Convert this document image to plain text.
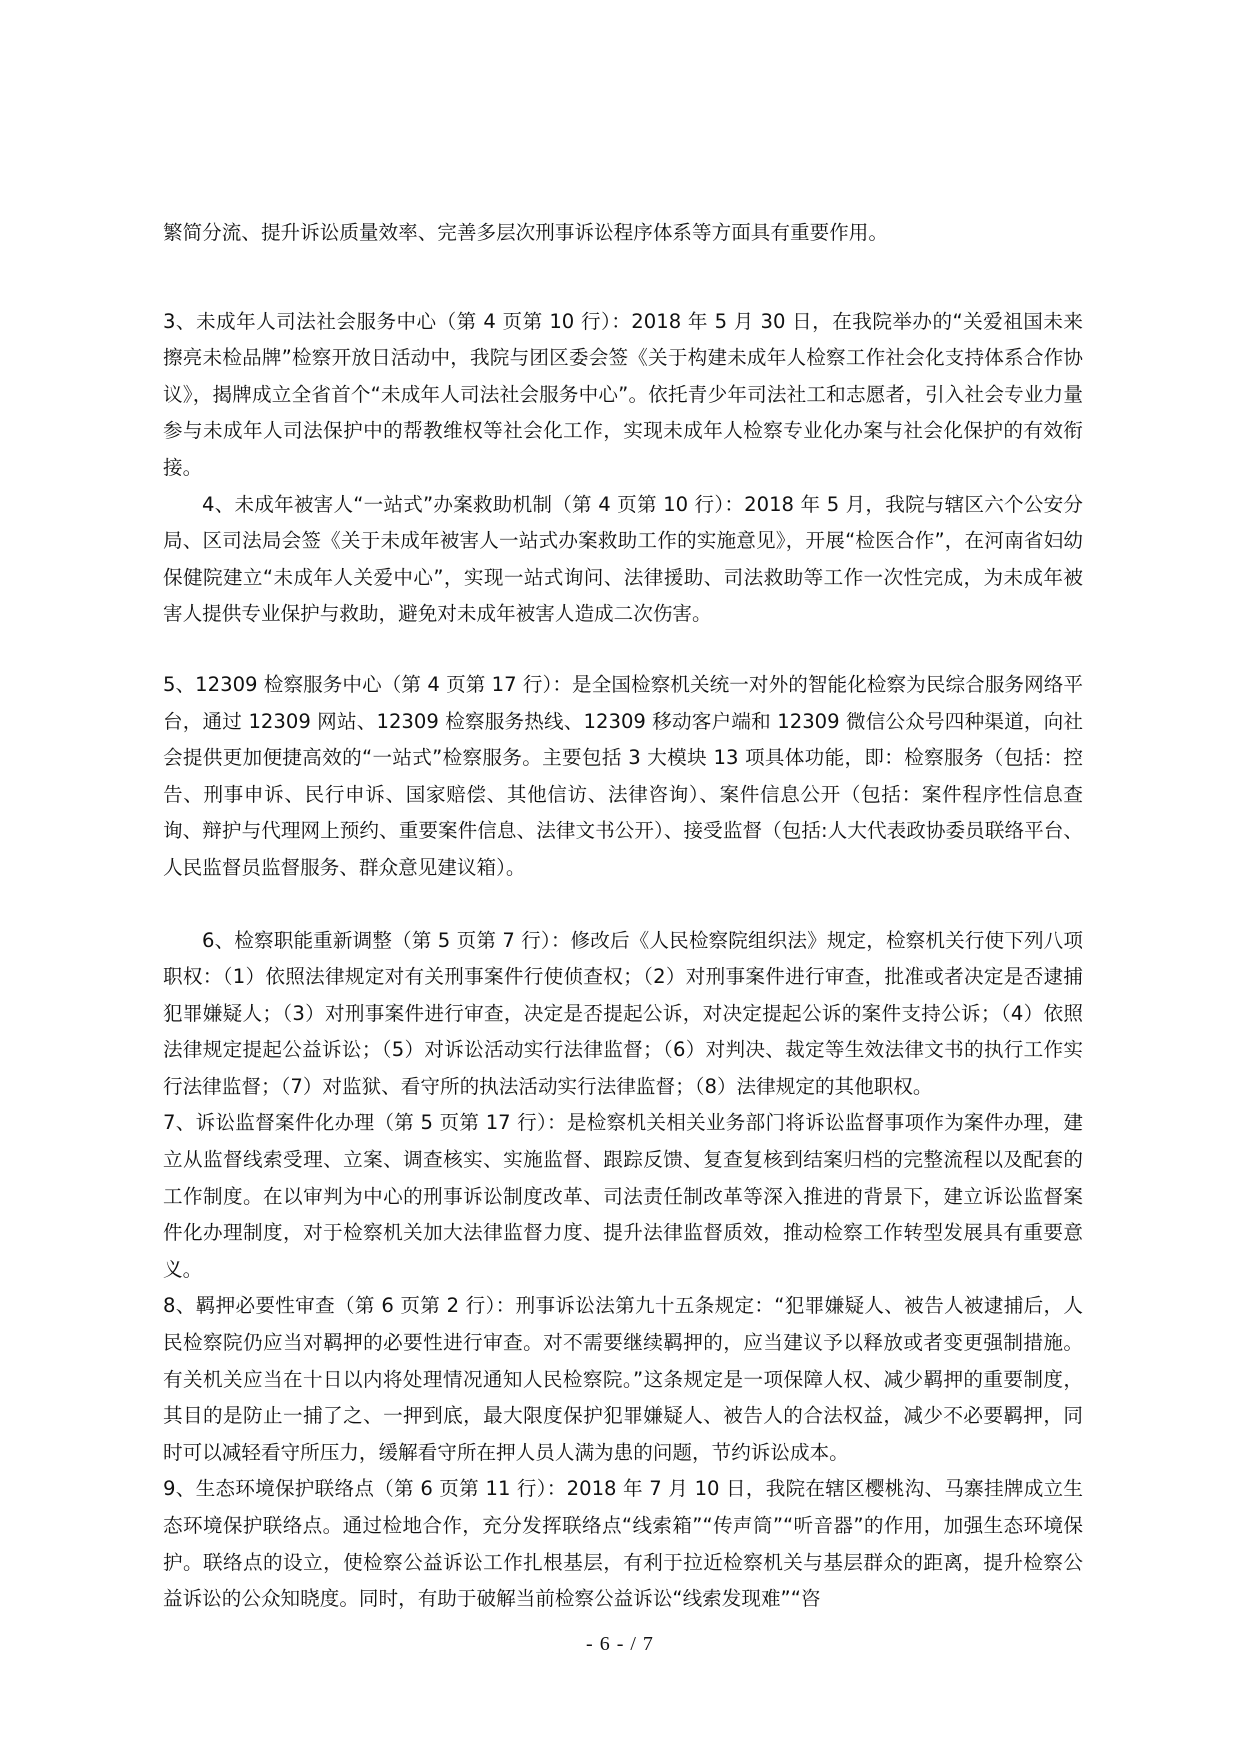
繁简分流、提升诉讼质量效率、完善多层次刑事诉讼程序体系等方面具有重要作用。

3、未成年人司法社会服务中心（第 4 页第 10 行）：2018 年 5 月 30 日，在我院举办的“关爱祖国未来 擦亮未检品牌”检察开放日活动中，我院与团区委会签《关于构建未成年人检察工作社会化支持体系合作协议》，揭牌成立全省首个“未成年人司法社会服务中心”。依托青少年司法社工和志愿者，引入社会专业力量参与未成年人司法保护中的帮教维权等社会化工作，实现未成年人检察专业化办案与社会化保护的有效衔接。

4、未成年被害人“一站式”办案救助机制（第 4 页第 10 行）：2018 年 5 月，我院与辖区六个公安分局、区司法局会签《关于未成年被害人一站式办案救助工作的实施意见》，开展“检医合作”，在河南省妇幼保健院建立“未成年人关爱中心”，实现一站式询问、法律援助、司法救助等工作一次性完成，为未成年被害人提供专业保护与救助，避免对未成年被害人造成二次伤害。

5、12309 检察服务中心（第 4 页第 17 行）：是全国检察机关统一对外的智能化检察为民综合服务网络平台，通过 12309 网站、12309 检察服务热线、12309 移动客户端和 12309 微信公众号四种渠道，向社会提供更加便捷高效的“一站式”检察服务。主要包括 3 大模块 13 项具体功能，即：检察服务（包括：控告、刑事申诉、民行申诉、国家赔偿、其他信访、法律咨询）、案件信息公开（包括：案件程序性信息查询、辩护与代理网上预约、重要案件信息、法律文书公开）、接受监督（包括:人大代表政协委员联络平台、人民监督员监督服务、群众意见建议箱）。

6、检察职能重新调整（第 5 页第 7 行）：修改后《人民检察院组织法》规定，检察机关行使下列八项职权：（1）依照法律规定对有关刑事案件行使侦查权；（2）对刑事案件进行审查，批准或者决定是否逮捕犯罪嫌疑人；（3）对刑事案件进行审查，决定是否提起公诉，对决定提起公诉的案件支持公诉；（4）依照法律规定提起公益诉讼；（5）对诉讼活动实行法律监督；（6）对判决、裁定等生效法律文书的执行工作实行法律监督；（7）对监狱、看守所的执法活动实行法律监督；（8）法律规定的其他职权。

7、诉讼监督案件化办理（第 5 页第 17 行）：是检察机关相关业务部门将诉讼监督事项作为案件办理，建立从监督线索受理、立案、调查核实、实施监督、跟踪反馈、复查复核到结案归档的完整流程以及配套的工作制度。在以审判为中心的刑事诉讼制度改革、司法责任制改革等深入推进的背景下，建立诉讼监督案件化办理制度，对于检察机关加大法律监督力度、提升法律监督质效，推动检察工作转型发展具有重要意义。

8、羁押必要性审查（第 6 页第 2 行）：刑事诉讼法第九十五条规定：“犯罪嫌疑人、被告人被逮捕后，人民检察院仍应当对羁押的必要性进行审查。对不需要继续羁押的，应当建议予以释放或者变更强制措施。有关机关应当在十日以内将处理情况通知人民检察院。”这条规定是一项保障人权、减少羁押的重要制度，其目的是防止一捕了之、一押到底，最大限度保护犯罪嫌疑人、被告人的合法权益，减少不必要羁押，同时可以减轻看守所压力，缓解看守所在押人员人满为患的问题，节约诉讼成本。

9、生态环境保护联络点（第 6 页第 11 行）：2018 年 7 月 10 日，我院在辖区樱桃沟、马寨挂牌成立生态环境保护联络点。通过检地合作，充分发挥联络点“线索箱”“传声筒”“听音器”的作用，加强生态环境保护。联络点的设立，使检察公益诉讼工作扎根基层，有利于拉近检察机关与基层群众的距离，提升检察公益诉讼的公众知晓度。同时，有助于破解当前检察公益诉讼“线索发现难”“咨

- 6 - / 7
